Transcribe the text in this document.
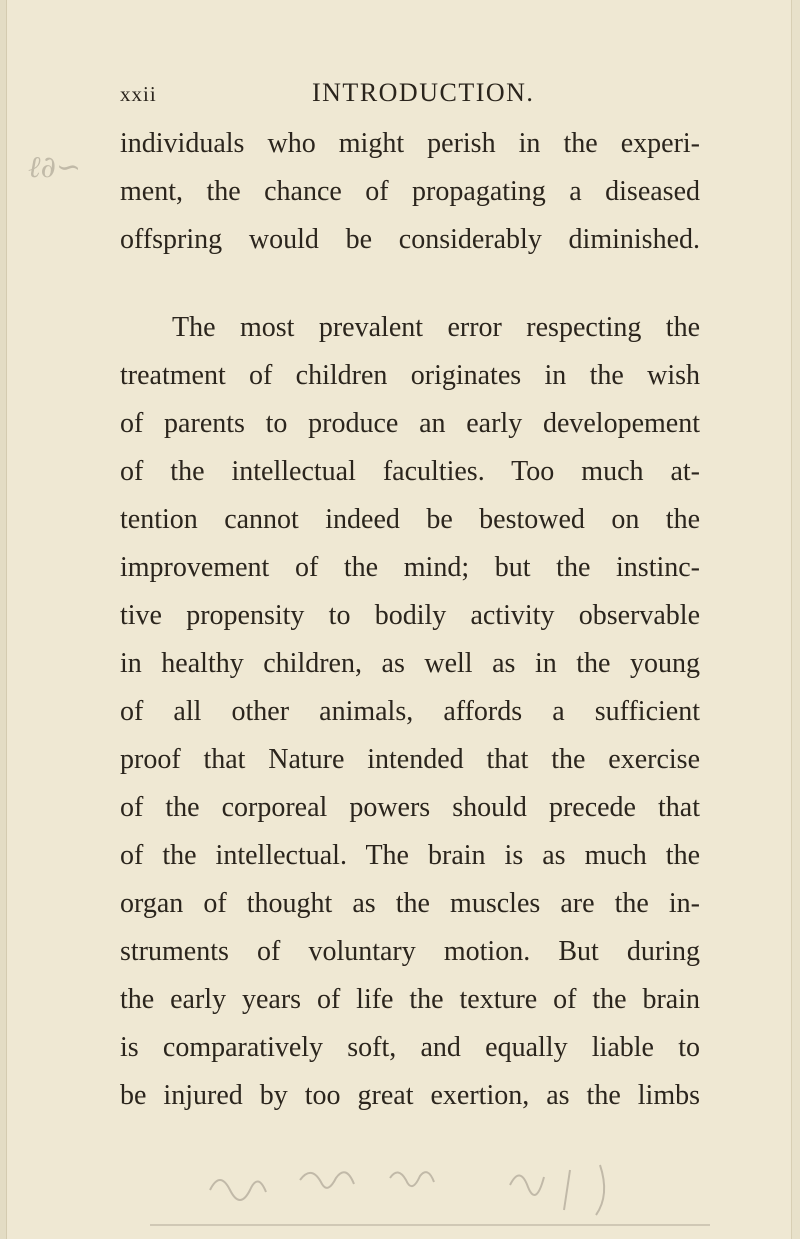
ℓ∂∽
xxii	INTRODUCTION.
individuals who might perish in the experi-
ment, the chance of propagating a diseased
offspring would be considerably diminished.
The most prevalent error respecting the
treatment of children originates in the wish
of parents to produce an early developement
of the intellectual faculties. Too much at-
tention cannot indeed be bestowed on the
improvement of the mind; but the instinc-
tive propensity to bodily activity observable
in healthy children, as well as in the young
of all other animals, affords a sufficient
proof that Nature intended that the exercise
of the corporeal powers should precede that
of the intellectual. The brain is as much the
organ of thought as the muscles are the in-
struments of voluntary motion. But during
the early years of life the texture of the brain
is comparatively soft, and equally liable to
be injured by too great exertion, as the limbs
